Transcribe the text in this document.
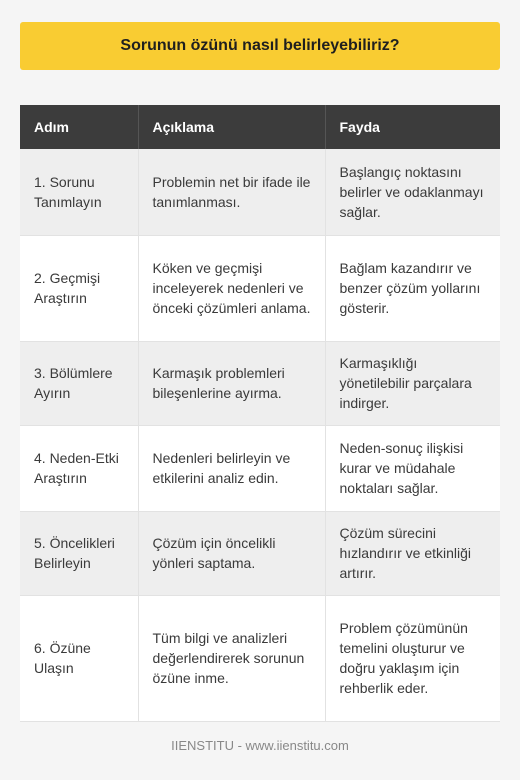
Sorunun özünü nasıl belirleyebiliriz?
Adım	Açıklama	Fayda
1. Sorunu Tanımlayın	Problemin net bir ifade ile tanımlanması.	Başlangıç noktasını belirler ve odaklanmayı sağlar.
2. Geçmişi Araştırın	Köken ve geçmişi inceleyerek nedenleri ve önceki çözümleri anlama.	Bağlam kazandırır ve benzer çözüm yollarını gösterir.
3. Bölümlere Ayırın	Karmaşık problemleri bileşenlerine ayırma.	Karmaşıklığı yönetilebilir parçalara indirger.
4. Neden-Etki Araştırın	Nedenleri belirleyin ve etkilerini analiz edin.	Neden-sonuç ilişkisi kurar ve müdahale noktaları sağlar.
5. Öncelikleri Belirleyin	Çözüm için öncelikli yönleri saptama.	Çözüm sürecini hızlandırır ve etkinliği artırır.
6. Özüne Ulaşın	Tüm bilgi ve analizleri değerlendirerek sorunun özüne inme.	Problem çözümünün temelini oluşturur ve doğru yaklaşım için rehberlik eder.
IIENSTITU - www.iienstitu.com
